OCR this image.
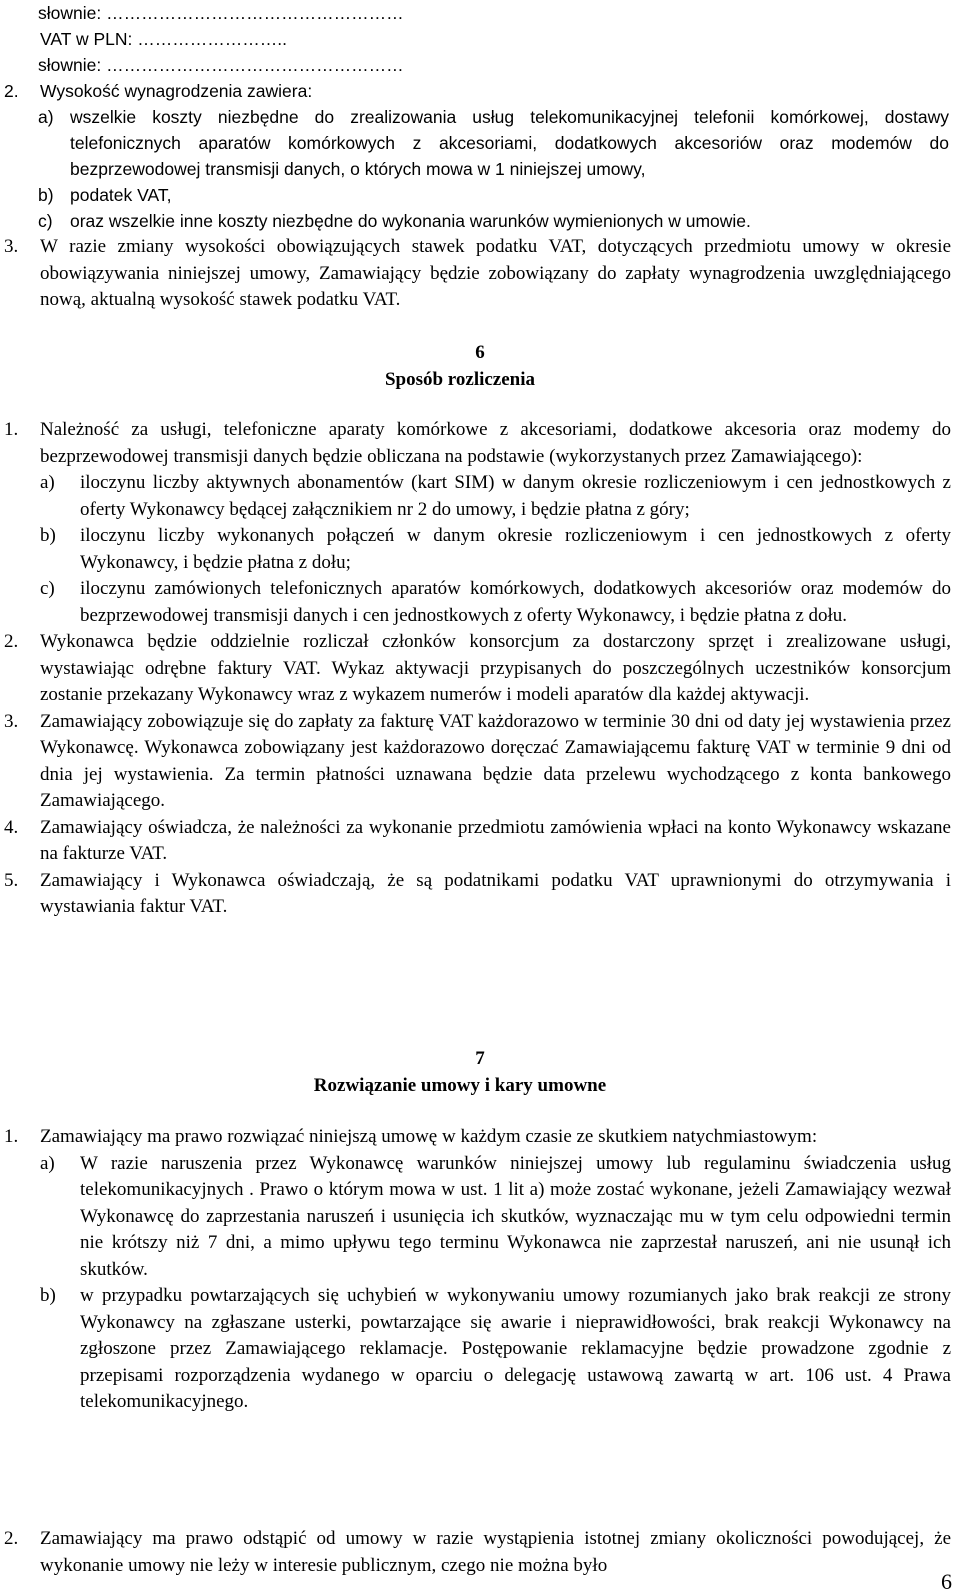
słownie: ……………………………………………
VAT w PLN: ……………………..
słownie: ……………………………………………
2. Wysokość wynagrodzenia zawiera:
a) wszelkie koszty niezbędne do zrealizowania usług telekomunikacyjnej telefonii komórkowej, dostawy telefonicznych aparatów komórkowych z akcesoriami, dodatkowych akcesoriów oraz modemów do bezprzewodowej transmisji danych, o których mowa w 1 niniejszej umowy,
b) podatek VAT,
c) oraz wszelkie inne koszty niezbędne do wykonania warunków wymienionych w umowie.
3. W razie zmiany wysokości obowiązujących stawek podatku VAT, dotyczących przedmiotu umowy w okresie obowiązywania niniejszej umowy, Zamawiający będzie zobowiązany do zapłaty wynagrodzenia uwzględniającego nową, aktualną wysokość stawek podatku VAT.
6
Sposób rozliczenia
1. Należność za usługi, telefoniczne aparaty komórkowe z akcesoriami, dodatkowe akcesoria oraz modemy do bezprzewodowej transmisji danych będzie obliczana na podstawie (wykorzystanych przez Zamawiającego):
a) iloczynu liczby aktywnych abonamentów (kart SIM) w danym okresie rozliczeniowym i cen jednostkowych z oferty Wykonawcy będącej załącznikiem nr 2 do umowy, i będzie płatna z góry;
b) iloczynu liczby wykonanych połączeń w danym okresie rozliczeniowym i cen jednostkowych z oferty Wykonawcy, i będzie płatna z dołu;
c) iloczynu zamówionych telefonicznych aparatów komórkowych, dodatkowych akcesoriów oraz modemów do bezprzewodowej transmisji danych i cen jednostkowych z oferty Wykonawcy, i będzie płatna z dołu.
2. Wykonawca będzie oddzielnie rozliczał członków konsorcjum za dostarczony sprzęt i zrealizowane usługi, wystawiając odrębne faktury VAT. Wykaz aktywacji przypisanych do poszczególnych uczestników konsorcjum zostanie przekazany Wykonawcy wraz z wykazem numerów i modeli aparatów dla każdej aktywacji.
3. Zamawiający zobowiązuje się do zapłaty za fakturę VAT każdorazowo w terminie 30 dni od daty jej wystawienia przez Wykonawcę. Wykonawca zobowiązany jest każdorazowo doręczać Zamawiającemu fakturę VAT w terminie 9 dni od dnia jej wystawienia. Za termin płatności uznawana będzie data przelewu wychodzącego z konta bankowego Zamawiającego.
4. Zamawiający oświadcza, że należności za wykonanie przedmiotu zamówienia wpłaci na konto Wykonawcy wskazane na fakturze VAT.
5. Zamawiający i Wykonawca oświadczają, że są podatnikami podatku VAT uprawnionymi do otrzymywania i wystawiania faktur VAT.
7
Rozwiązanie umowy i kary umowne
1. Zamawiający ma prawo rozwiązać niniejszą umowę w każdym czasie ze skutkiem natychmiastowym:
a) W razie naruszenia przez Wykonawcę warunków niniejszej umowy lub regulaminu świadczenia usług telekomunikacyjnych . Prawo o którym mowa w ust. 1 lit a) może zostać wykonane, jeżeli Zamawiający wezwał Wykonawcę do zaprzestania naruszeń i usunięcia ich skutków, wyznaczając mu w tym celu odpowiedni termin nie krótszy niż 7 dni, a mimo upływu tego terminu Wykonawca nie zaprzestał naruszeń, ani nie usunął ich skutków.
b) w przypadku powtarzających się uchybień w wykonywaniu umowy rozumianych jako brak reakcji ze strony Wykonawcy na zgłaszane usterki, powtarzające się awarie i nieprawidłowości, brak reakcji Wykonawcy na zgłoszone przez Zamawiającego reklamacje. Postępowanie reklamacyjne będzie prowadzone zgodnie z przepisami rozporządzenia wydanego w oparciu o delegację ustawową zawartą w art. 106 ust. 4 Prawa telekomunikacyjnego.
2. Zamawiający ma prawo odstąpić od umowy w razie wystąpienia istotnej zmiany okoliczności powodującej, że wykonanie umowy nie leży w interesie publicznym, czego nie można było
6
